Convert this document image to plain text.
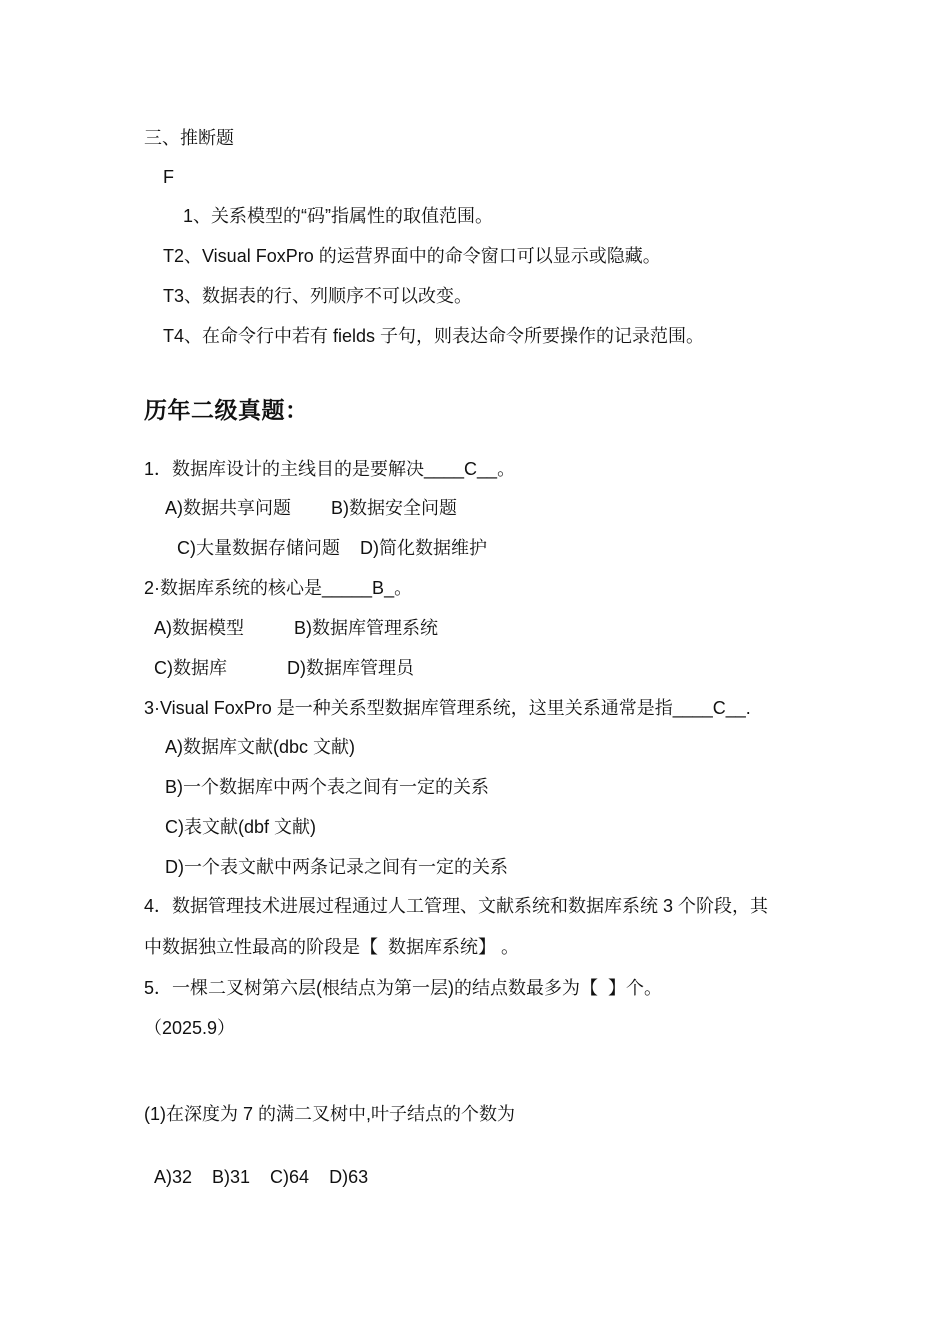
三、推断题
F
1、关系模型的“码”指属性的取值范围。
T2、Visual FoxPro 的运营界面中的命令窗口可以显示或隐藏。
T3、数据表的行、列顺序不可以改变。
T4、在命令行中若有 fields 子句，则表达命令所要操作的记录范围。
历年二级真题：
1．数据库设计的主线目的是要解决____C__。
A)数据共享问题        B)数据安全问题
C)大量数据存储问题    D)简化数据维护
2·数据库系统的核心是_____B_。
A)数据模型          B)数据库管理系统
C)数据库            D)数据库管理员
3·Visual FoxPro 是一种关系型数据库管理系统，这里关系通常是指____C__.
A)数据库文献(dbc 文献)
B)一个数据库中两个表之间有一定的关系
C)表文献(dbf 文献)
D)一个表文献中两条记录之间有一定的关系
4．数据管理技术进展过程通过人工管理、文献系统和数据库系统 3 个阶段，其
中数据独立性最高的阶段是【  数据库系统】 。
5．一棵二叉树第六层(根结点为第一层)的结点数最多为【  】个。
（2025.9）
(1)在深度为 7 的满二叉树中,叶子结点的个数为
A)32    B)31    C)64    D)63
